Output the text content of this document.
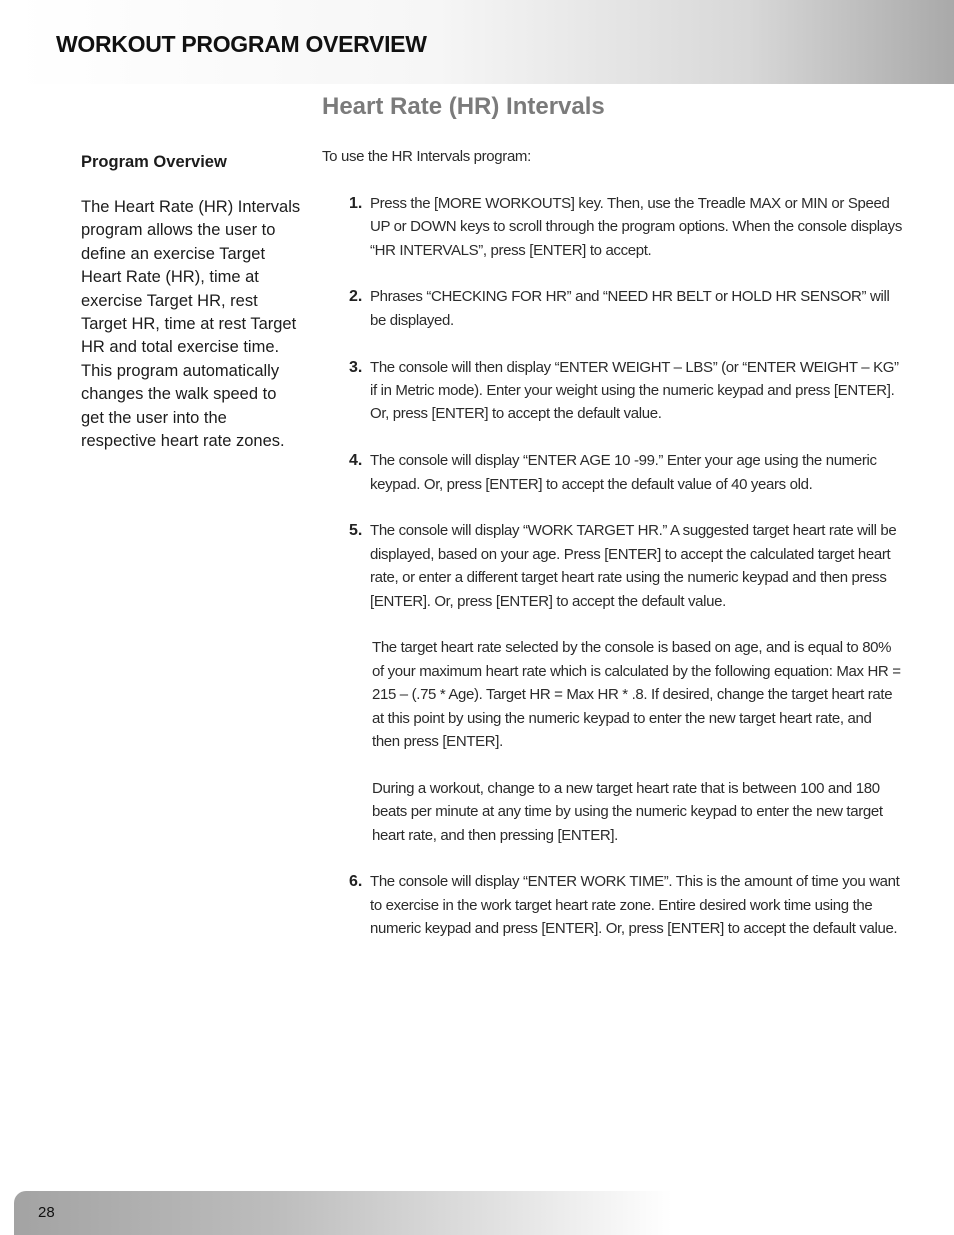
WORKOUT PROGRAM OVERVIEW
Heart Rate (HR) Intervals

Program Overview

The Heart Rate (HR) Intervals program allows the user to define an exercise Target Heart Rate (HR), time at exercise Target HR, rest Target HR, time at rest Target HR and total exercise time. This program automatically changes the walk speed to get the user into the respective heart rate zones.

To use the HR Intervals program:

1. Press the [MORE WORKOUTS] key. Then, use the Treadle MAX or MIN or Speed UP or DOWN keys to scroll through the program options. When the console displays “HR INTERVALS”, press [ENTER] to accept.
2. Phrases “CHECKING FOR HR” and “NEED HR BELT or HOLD HR SENSOR” will be displayed.
3. The console will then display “ENTER WEIGHT – LBS” (or “ENTER WEIGHT – KG” if in Metric mode). Enter your weight using the numeric keypad and press [ENTER]. Or, press [ENTER] to accept the default value.
4. The console will display “ENTER AGE 10 -99.” Enter your age using the numeric keypad. Or, press [ENTER] to accept the default value of 40 years old.
5. The console will display “WORK TARGET HR.” A suggested target heart rate will be displayed, based on your age. Press [ENTER] to accept the calculated target heart rate, or enter a different target heart rate using the numeric keypad and then press [ENTER]. Or, press [ENTER] to accept the default value.

The target heart rate selected by the console is based on age, and is equal to 80% of your maximum heart rate which is calculated by the following equation: Max HR = 215 – (.75 * Age). Target HR = Max HR * .8. If desired, change the target heart rate at this point by using the numeric keypad to enter the new target heart rate, and then press [ENTER].

During a workout, change to a new target heart rate that is between 100 and 180 beats per minute at any time by using the numeric keypad to enter the new target heart rate, and then pressing [ENTER].

6. The console will display “ENTER WORK TIME”. This is the amount of time you want to exercise in the work target heart rate zone. Entire desired work time using the numeric keypad and press [ENTER]. Or, press [ENTER] to accept the default value.
28
